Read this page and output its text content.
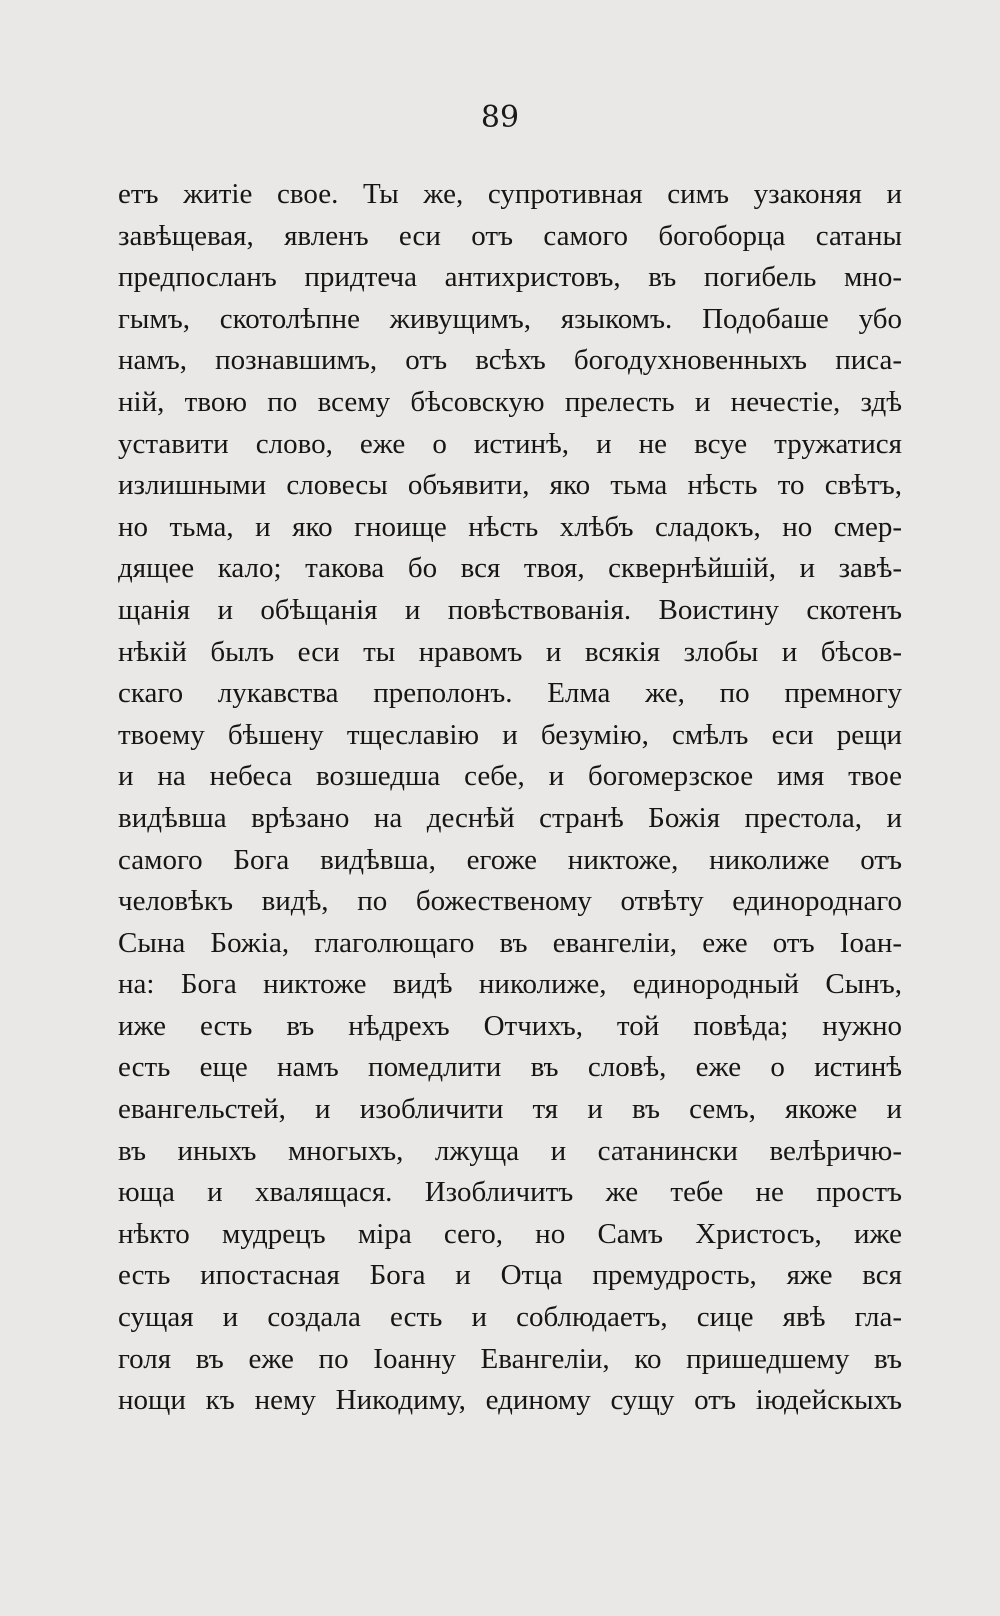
89
етъ житіе свое. Ты же, супротивная симъ узаконяя и
завѣщевая, явленъ еси отъ самого богоборца сатаны
предпосланъ придтеча антихристовъ, въ погибель мно-
гымъ, скотолѣпне живущимъ, языкомъ. Подобаше убо
намъ, познавшимъ, отъ всѣхъ богодухновенныхъ писа-
ній, твою по всему бѣсовскую прелесть и нечестіе, здѣ
уставити слово, еже о истинѣ, и не всуе тружатися
излишными словесы объявити, яко тьма нѣсть то свѣтъ,
но тьма, и яко гноище нѣсть хлѣбъ сладокъ, но смер-
дящее кало; такова бо вся твоя, сквернѣйшій, и завѣ-
щанія и обѣщанія и повѣствованія. Воистину скотенъ
нѣкій былъ еси ты нравомъ и всякія злобы и бѣсов-
скаго лукавства преполонъ. Елма же, по премногу
твоему бѣшену тщеславію и безумію, смѣлъ еси рещи
и на небеса возшедша себе, и богомерзское имя твое
видѣвша врѣзано на деснѣй странѣ Божія престола, и
самого Бога видѣвша, егоже никтоже, николиже отъ
человѣкъ видѣ, по божественому отвѣту единороднаго
Сына Божіа, глаголющаго въ евангеліи, еже отъ Іоан-
на: Бога никтоже видѣ николиже, единородный Сынъ,
иже есть въ нѣдрехъ Отчихъ, той повѣда; нужно
есть еще намъ помедлити въ словѣ, еже о истинѣ
евангельстей, и изобличити тя и въ семъ, якоже и
въ иныхъ многыхъ, лжуща и сатанински велѣричю-
юща и хвалящася. Изобличитъ же тебе не простъ
нѣкто мудрецъ міра сего, но Самъ Христосъ, иже
есть ипостасная Бога и Отца премудрость, яже вся
сущая и создала есть и соблюдаетъ, сице явѣ гла-
голя въ еже по Іоанну Евангеліи, ко пришедшему въ
нощи къ нему Никодиму, единому сущу отъ іюдейскыхъ
